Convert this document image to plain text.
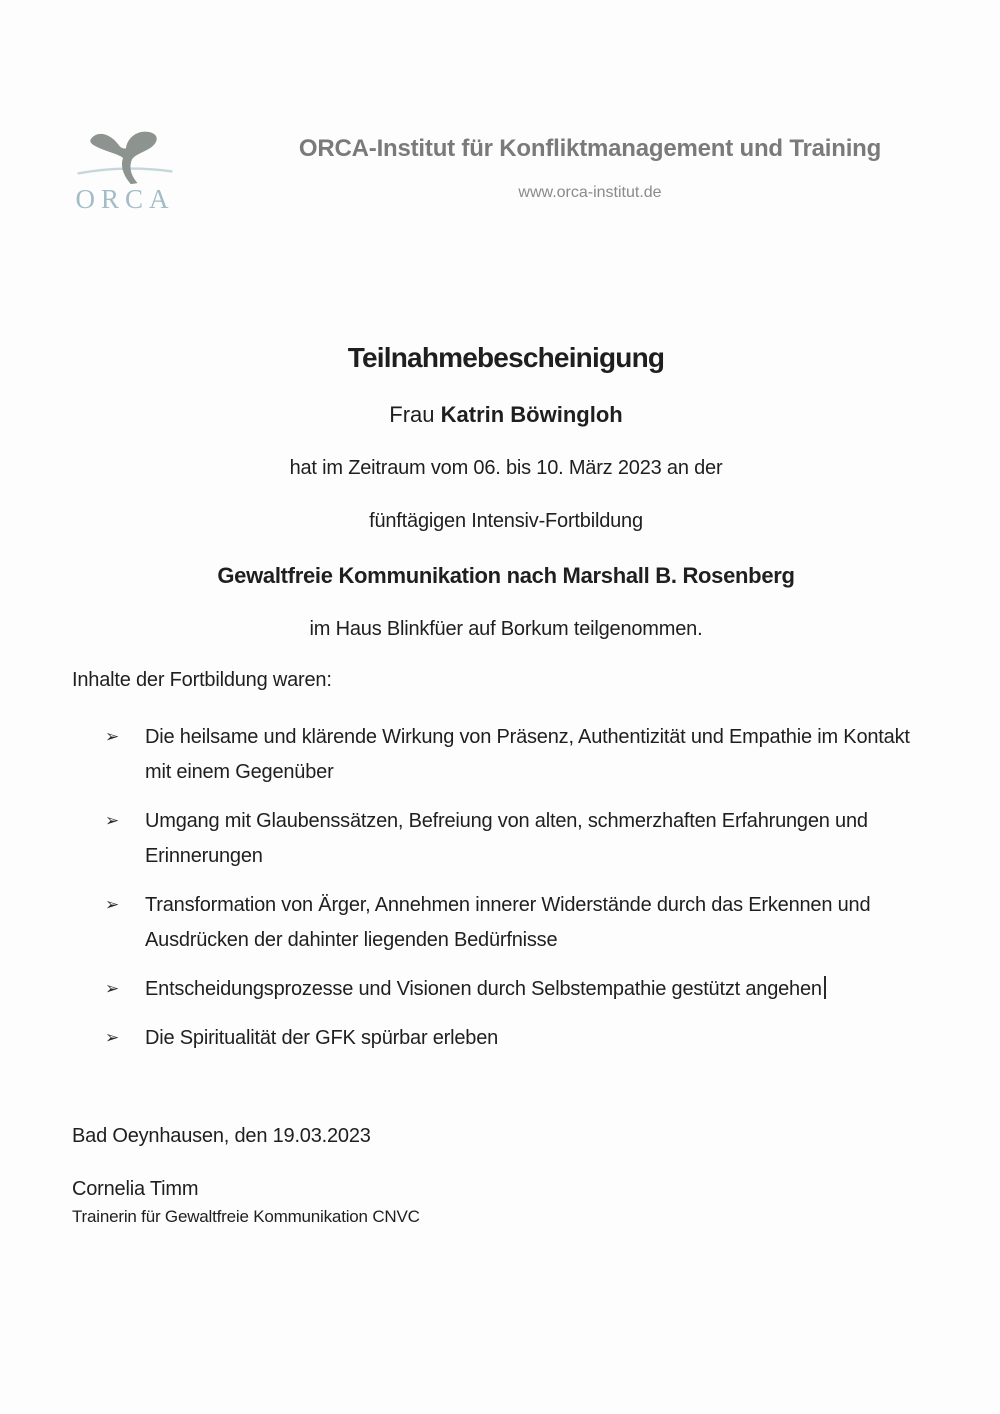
ORCA
ORCA-Institut für Konfliktmanagement und Training
www.orca-institut.de
Teilnahmebescheinigung
Frau Katrin Böwingloh
hat im Zeitraum vom 06. bis 10. März 2023 an der
fünftägigen Intensiv-Fortbildung
Gewaltfreie Kommunikation nach Marshall B. Rosenberg
im Haus Blinkfüer auf Borkum teilgenommen.
Inhalte der Fortbildung waren:
➢	Die heilsame und klärende Wirkung von Präsenz, Authentizität und Empathie im Kontakt mit einem Gegenüber
➢	Umgang mit Glaubenssätzen, Befreiung von alten, schmerzhaften Erfahrungen und Erinnerungen
➢	Transformation von Ärger, Annehmen innerer Widerstände durch das Erkennen und Ausdrücken der dahinter liegenden Bedürfnisse
➢	Entscheidungsprozesse und Visionen durch Selbstempathie gestützt angehen
➢	Die Spiritualität der GFK spürbar erleben
Bad Oeynhausen, den 19.03.2023
Cornelia Timm
Trainerin für Gewaltfreie Kommunikation CNVC
